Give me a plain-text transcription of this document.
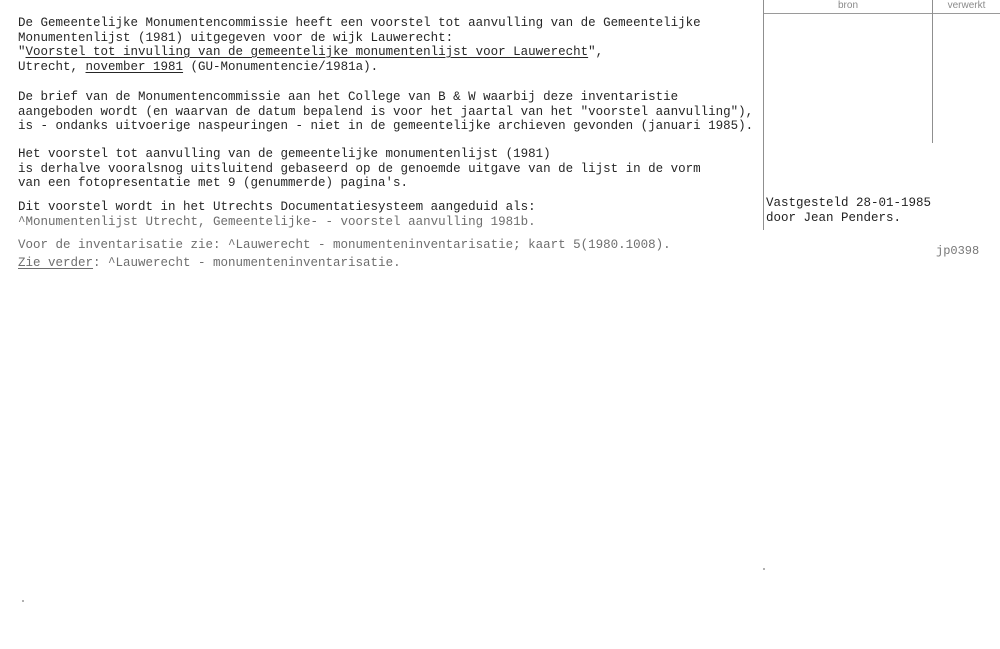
bron	verwerkt
Vastgesteld 28-01-1985
door Jean Penders.
jp0398
De Gemeentelijke Monumentencommissie heeft een voorstel tot aanvulling van de Gemeentelijke
Monumentenlijst (1981) uitgegeven voor de wijk Lauwerecht:
"Voorstel tot invulling van de gemeentelijke monumentenlijst voor Lauwerecht",
Utrecht, november 1981 (GU-Monumentencie/1981a).
De brief van de Monumentencommissie aan het College van B & W waarbij deze inventaristie
aangeboden wordt (en waarvan de datum bepalend is voor het jaartal van het "voorstel aanvulling"),
is - ondanks uitvoerige naspeuringen - niet in de gemeentelijke archieven gevonden (januari 1985).
Het voorstel tot aanvulling van de gemeentelijke monumentenlijst (1981)
is derhalve vooralsnog uitsluitend gebaseerd op de genoemde uitgave van de lijst in de vorm
van een fotopresentatie met 9 (genummerde) pagina's.
Dit voorstel wordt in het Utrechts Documentatiesysteem aangeduid als:
^Monumentenlijst Utrecht, Gemeentelijke- - voorstel aanvulling 1981b.
Voor de inventarisatie zie: ^Lauwerecht - monumenteninventarisatie; kaart 5(1980.1008).
Zie verder: ^Lauwerecht - monumenteninventarisatie.
